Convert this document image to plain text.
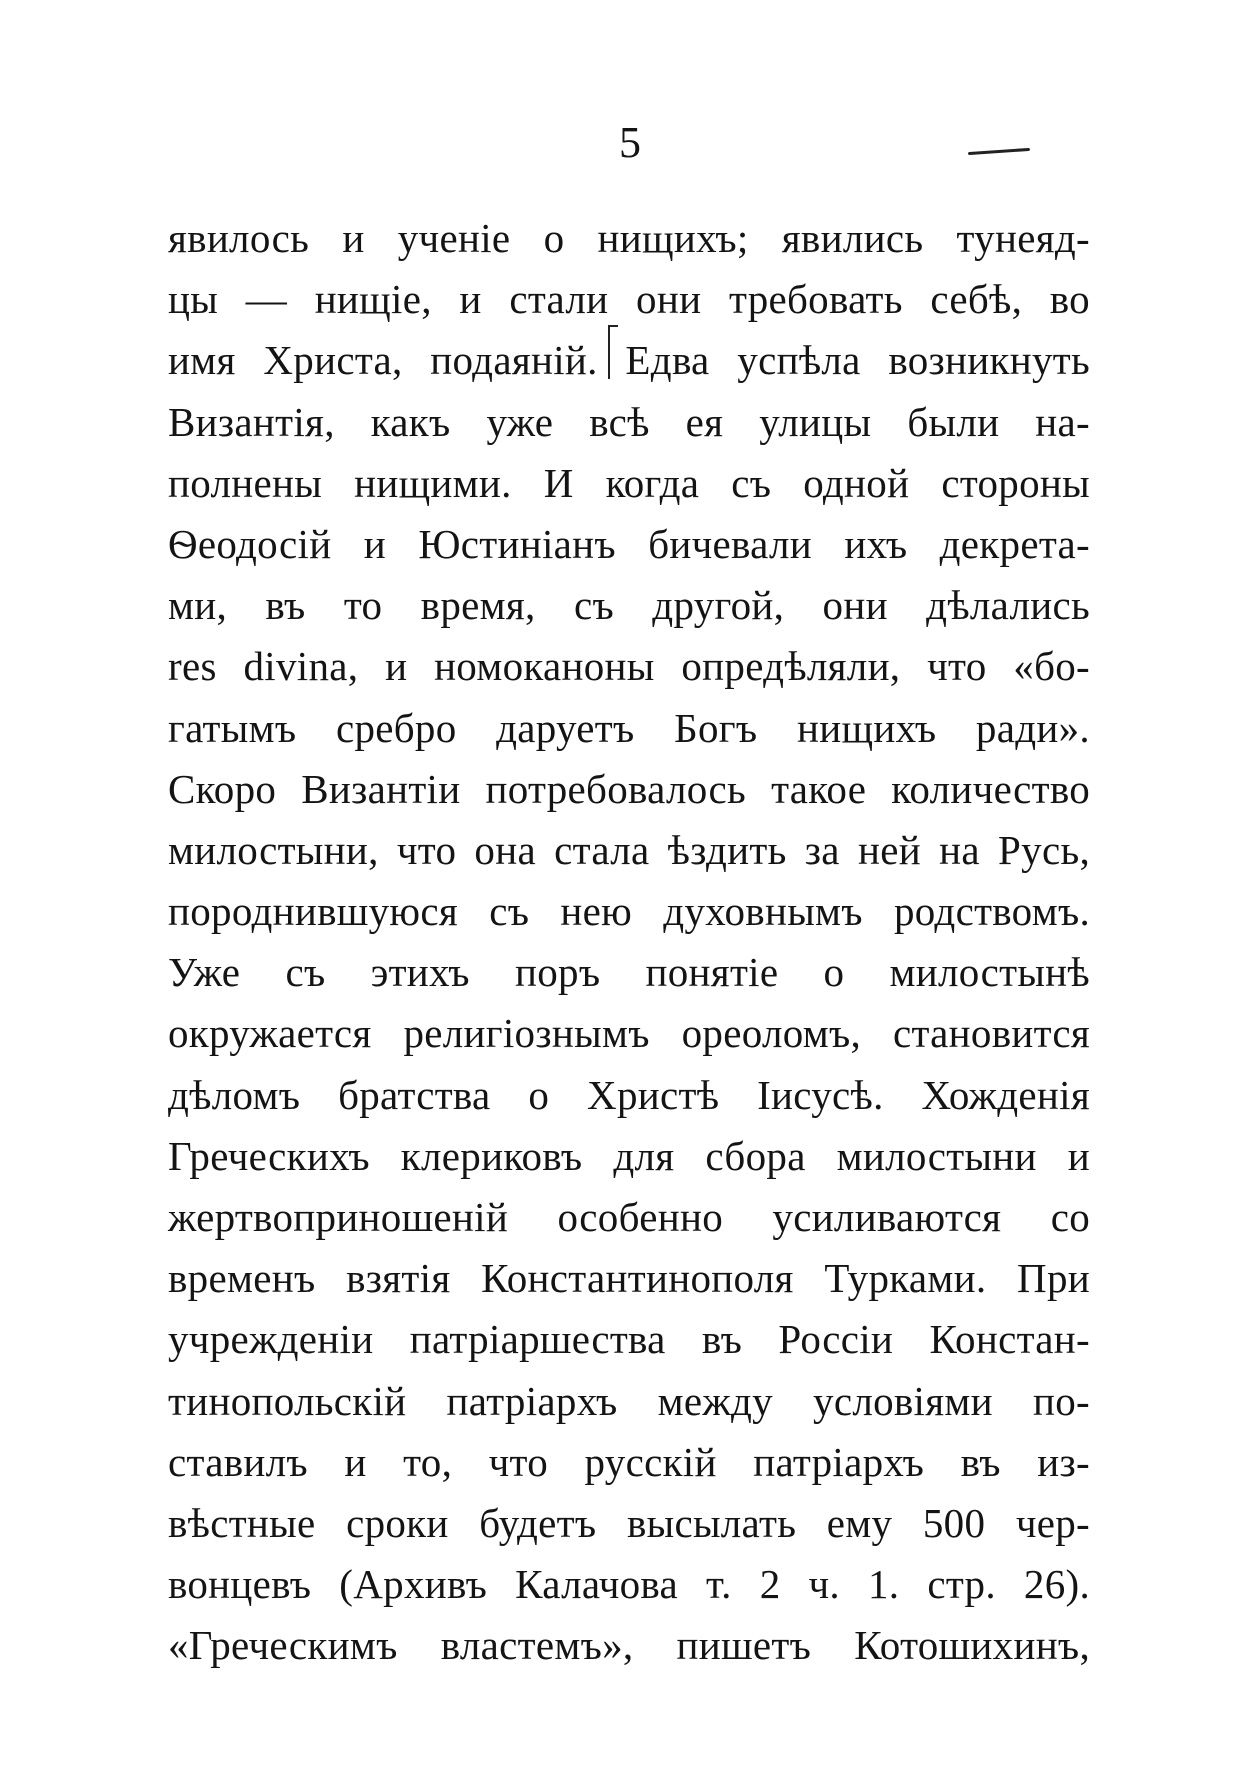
5
явилось и ученіе о нищихъ; явились тунеяд-
цы — нищіе, и стали они требовать себѣ, во
имя Христа, подаяній. Едва успѣла возникнуть
Византія, какъ уже всѣ ея улицы были на-
полнены нищими. И когда съ одной стороны
Ѳеодосій и Юстиніанъ бичевали ихъ декрета-
ми, въ то время, съ другой, они дѣлались
res divina, и номоканоны опредѣляли, что «бо-
гатымъ сребро даруетъ Богъ нищихъ ради».
Скоро Византіи потребовалось такое количество
милостыни, что она стала ѣздить за ней на Русь,
породнившуюся съ нею духовнымъ родствомъ.
Уже съ этихъ поръ понятіе о милостынѣ
окружается религіознымъ ореоломъ, становится
дѣломъ братства о Христѣ Іисусѣ. Хожденія
Греческихъ клериковъ для сбора милостыни и
жертвоприношеній особенно усиливаются со
временъ взятія Константинополя Турками. При
учрежденіи патріаршества въ Россіи Констан-
тинопольскій патріархъ между условіями по-
ставилъ и то, что русскій патріархъ въ из-
вѣстные сроки будетъ высылать ему 500 чер-
вонцевъ (Архивъ Калачова т. 2 ч. 1. стр. 26).
«Греческимъ властемъ», пишетъ Котошихинъ,
